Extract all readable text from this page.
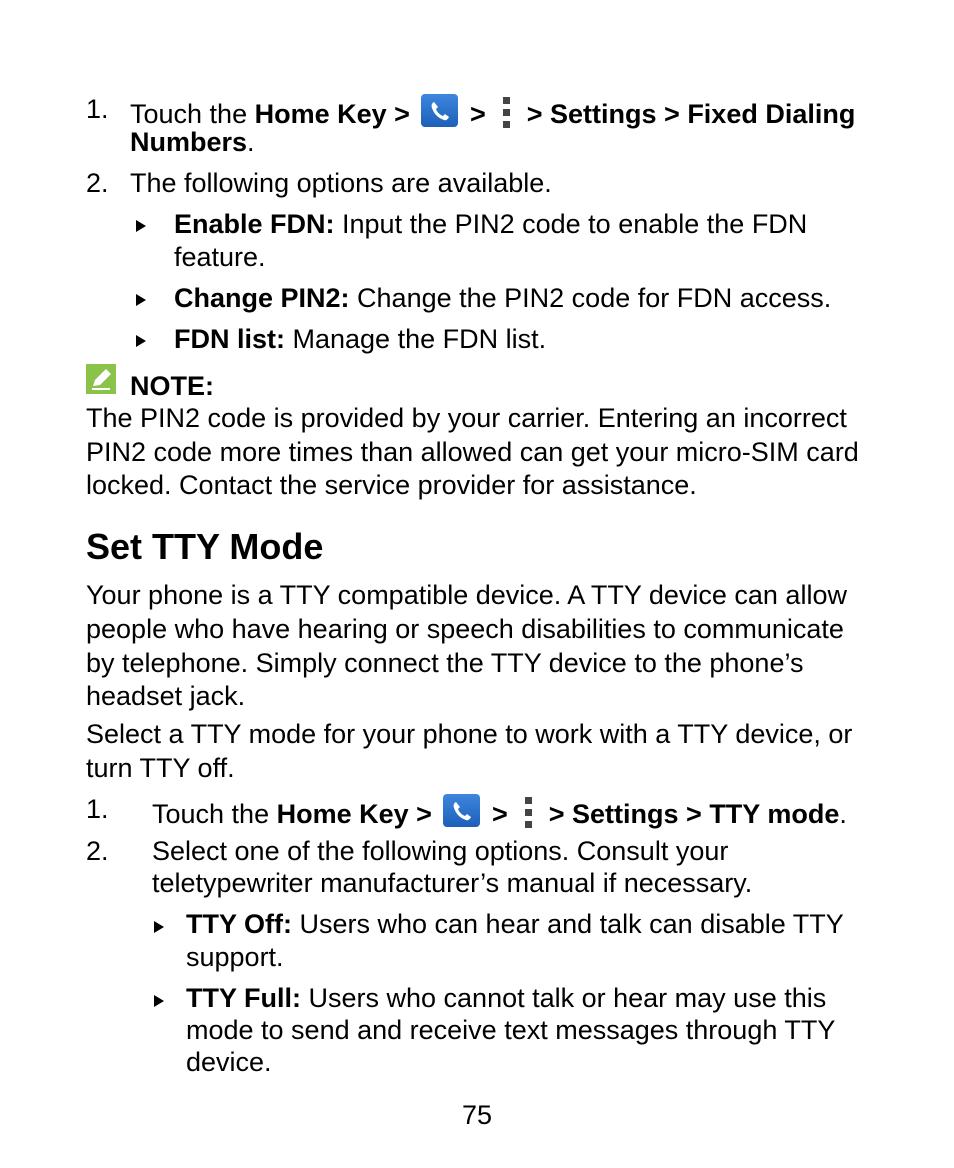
1. Touch the Home Key > > > Settings > Fixed Dialing
Numbers.
2. The following options are available.
Enable FDN: Input the PIN2 code to enable the FDN
feature.
Change PIN2: Change the PIN2 code for FDN access.
FDN list: Manage the FDN list.
NOTE:
The PIN2 code is provided by your carrier. Entering an incorrect
PIN2 code more times than allowed can get your micro-SIM card
locked. Contact the service provider for assistance.
Set TTY Mode
Your phone is a TTY compatible device. A TTY device can allow
people who have hearing or speech disabilities to communicate
by telephone. Simply connect the TTY device to the phone’s
headset jack.
Select a TTY mode for your phone to work with a TTY device, or
turn TTY off.
1. Touch the Home Key > > > Settings > TTY mode.
2. Select one of the following options. Consult your
teletypewriter manufacturer’s manual if necessary.
TTY Off: Users who can hear and talk can disable TTY
support.
TTY Full: Users who cannot talk or hear may use this
mode to send and receive text messages through TTY
device.
75
